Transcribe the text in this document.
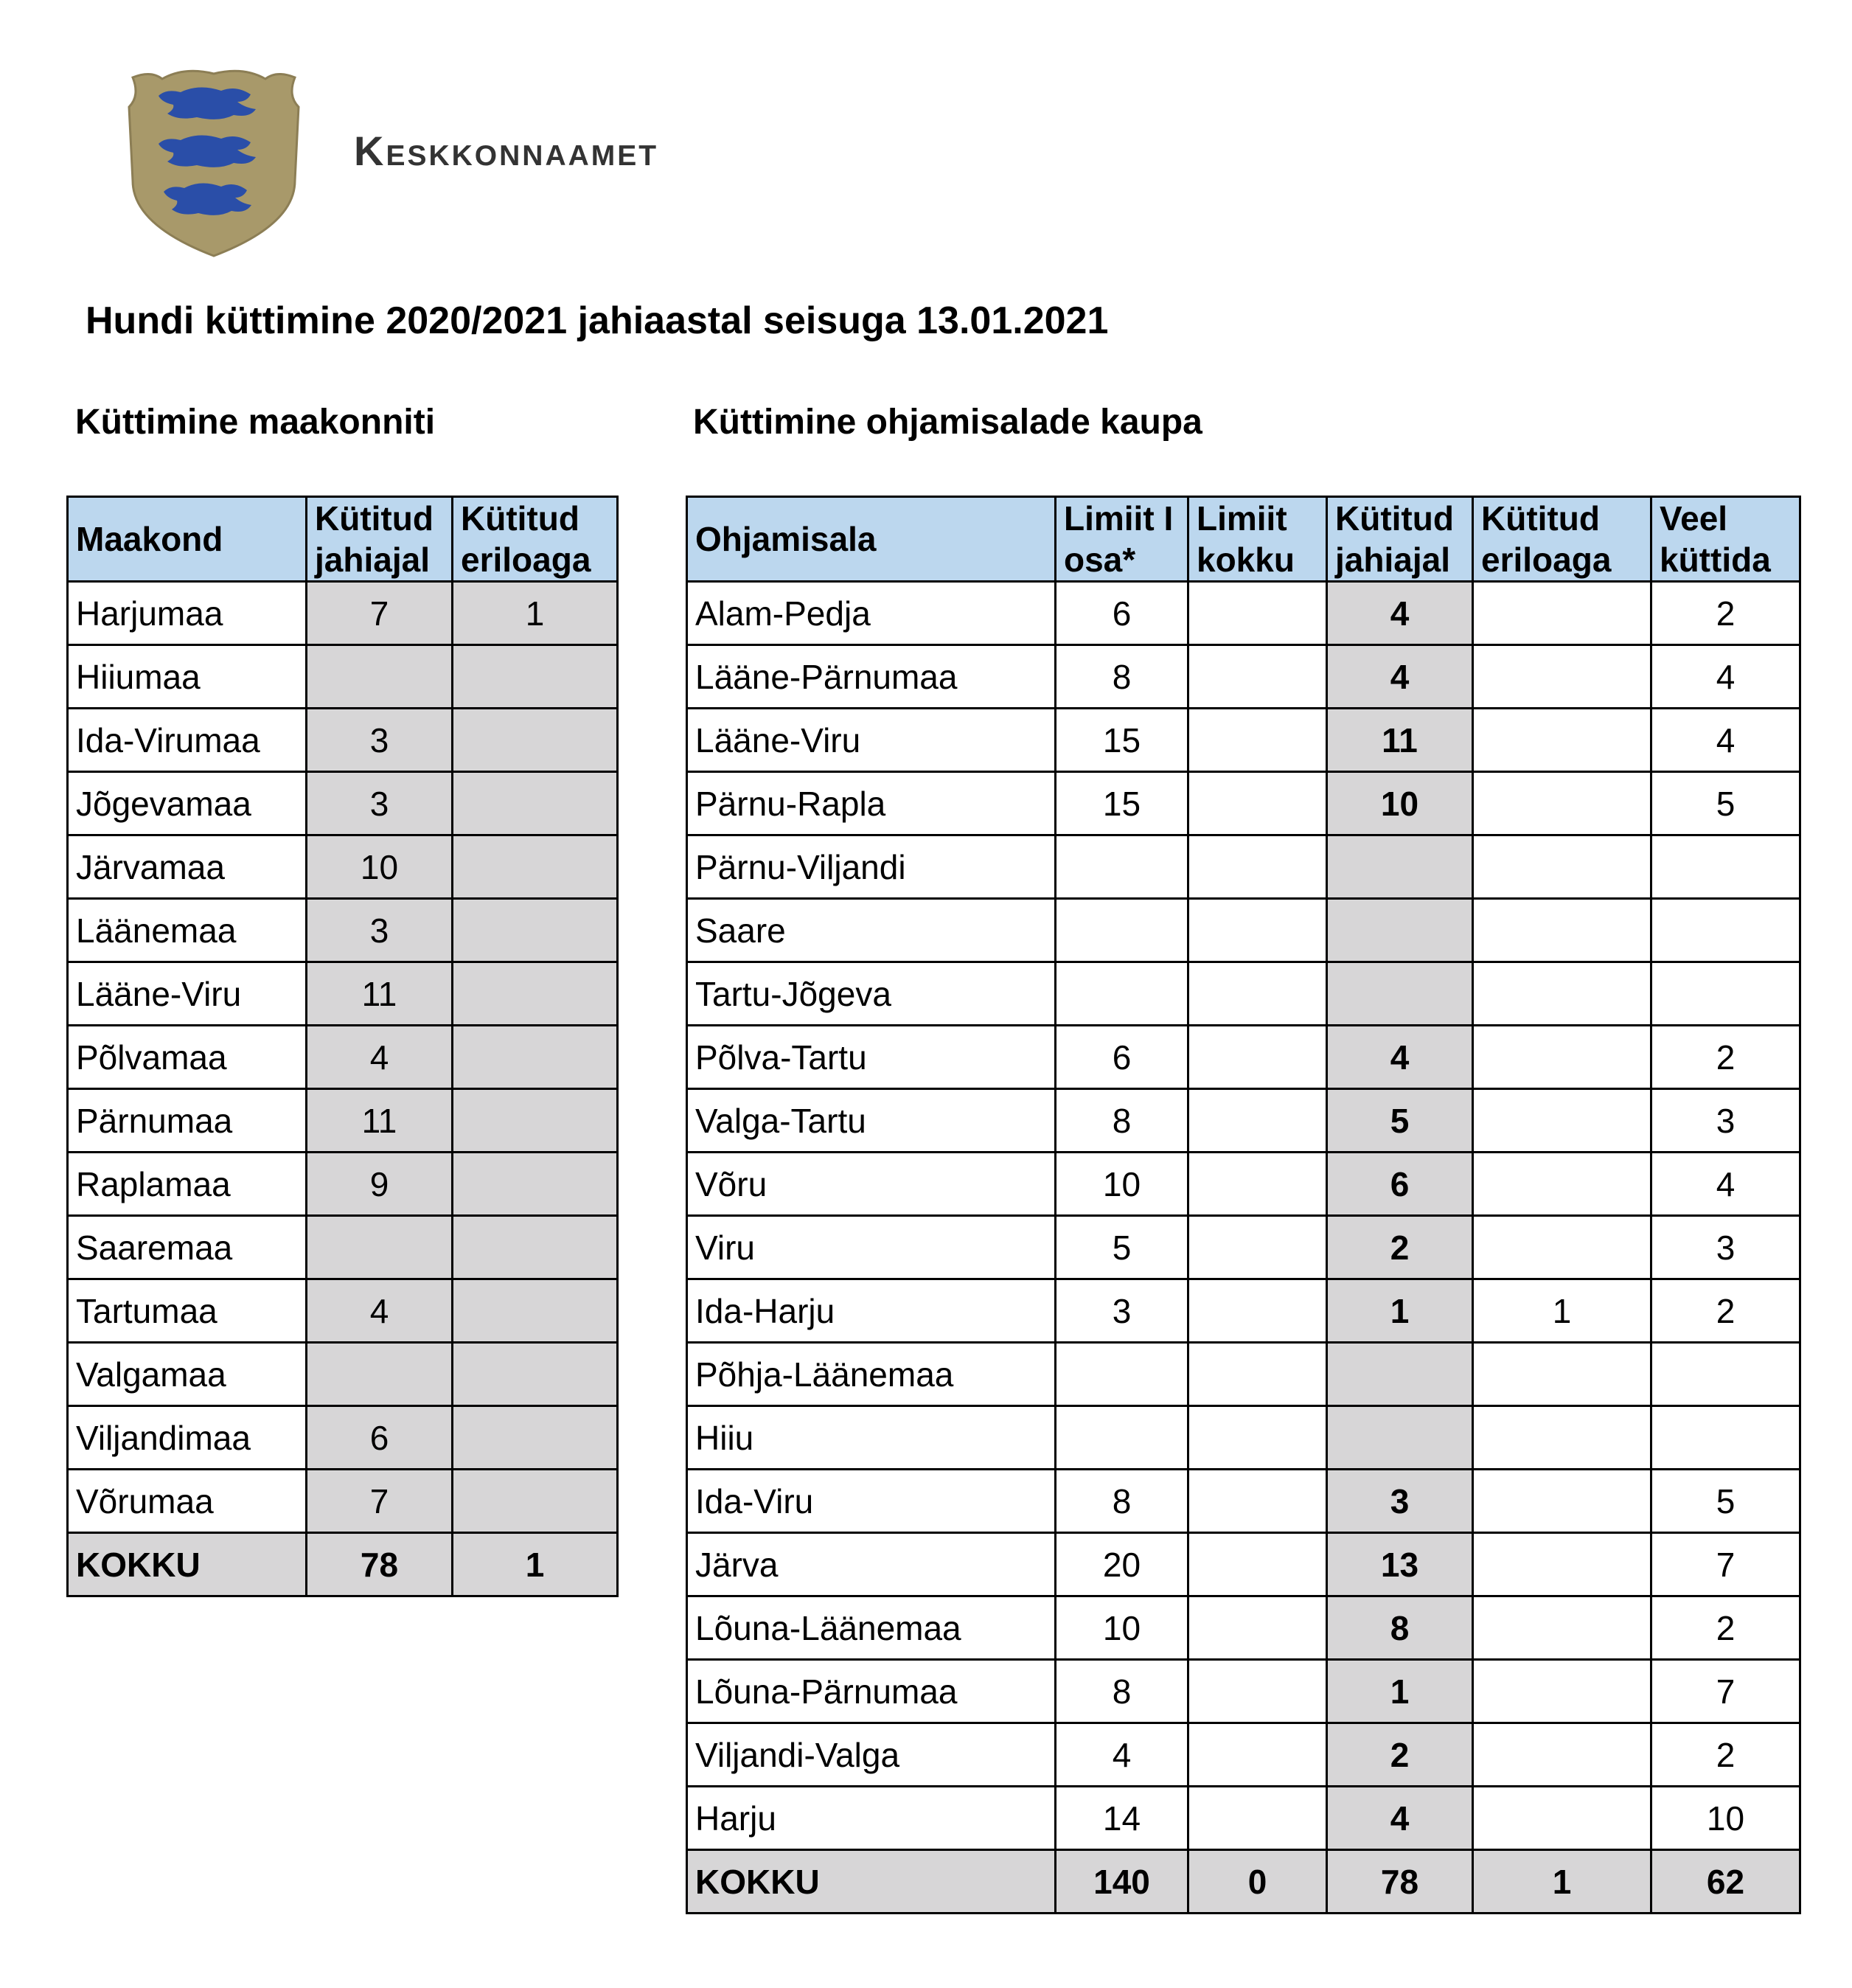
Keskkonnaamet
Hundi küttimine 2020/2021 jahiaastal seisuga 13.01.2021
Küttimine maakonniti	Küttimine ohjamisalade kaupa
Maakond	Kütitud jahiajal	Kütitud eriloaga
Harjumaa	7	1
Hiiumaa		
Ida-Virumaa	3	
Jõgevamaa	3	
Järvamaa	10	
Läänemaa	3	
Lääne-Viru	11	
Põlvamaa	4	
Pärnumaa	11	
Raplamaa	9	
Saaremaa		
Tartumaa	4	
Valgamaa		
Viljandimaa	6	
Võrumaa	7	
KOKKU	78	1
Ohjamisala	Limiit I osa*	Limiit kokku	Kütitud jahiajal	Kütitud eriloaga	Veel küttida
Alam-Pedja	6		4		2
Lääne-Pärnumaa	8		4		4
Lääne-Viru	15		11		4
Pärnu-Rapla	15		10		5
Pärnu-Viljandi					
Saare					
Tartu-Jõgeva					
Põlva-Tartu	6		4		2
Valga-Tartu	8		5		3
Võru	10		6		4
Viru	5		2		3
Ida-Harju	3		1	1	2
Põhja-Läänemaa					
Hiiu					
Ida-Viru	8		3		5
Järva	20		13		7
Lõuna-Läänemaa	10		8		2
Lõuna-Pärnumaa	8		1		7
Viljandi-Valga	4		2		2
Harju	14		4		10
KOKKU	140	0	78	1	62
